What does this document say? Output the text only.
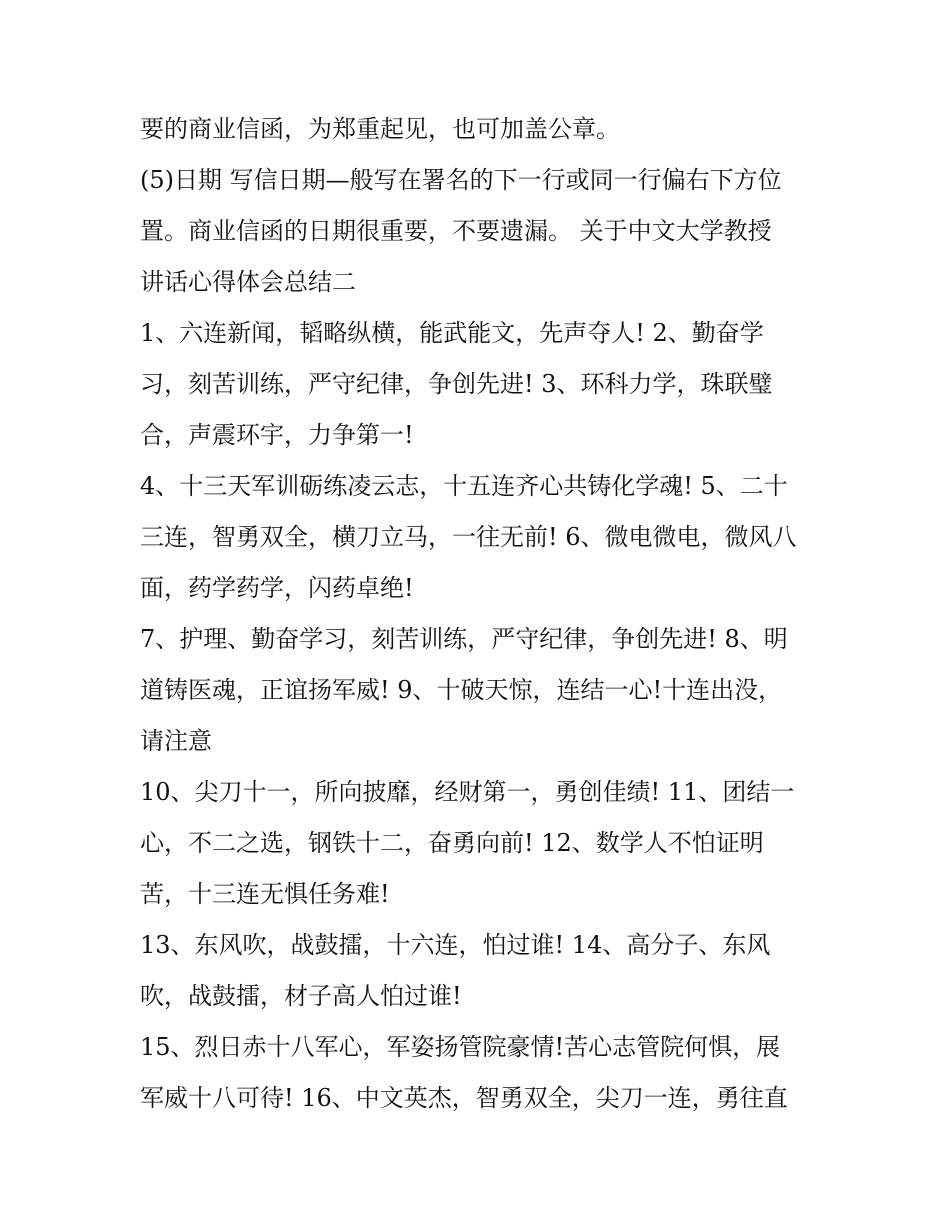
要的商业信函，为郑重起见，也可加盖公章。
(5)日期 写信日期—般写在署名的下一行或同一行偏右下方位
置。商业信函的日期很重要，不要遗漏。 关于中文大学教授
讲话心得体会总结二
1、六连新闻，韬略纵横，能武能文，先声夺人! 2、勤奋学
习，刻苦训练，严守纪律，争创先进! 3、环科力学，珠联璧
合，声震环宇，力争第一!
4、十三天军训砺练凌云志，十五连齐心共铸化学魂! 5、二十
三连，智勇双全，横刀立马，一往无前! 6、微电微电，微风八
面，药学药学，闪药卓绝!
7、护理、勤奋学习，刻苦训练，严守纪律，争创先进! 8、明
道铸医魂，正谊扬军威! 9、十破天惊，连结一心!十连出没，
请注意
10、尖刀十一，所向披靡，经财第一，勇创佳绩! 11、团结一
心，不二之选，钢铁十二，奋勇向前! 12、数学人不怕证明
苦，十三连无惧任务难!
13、东风吹，战鼓擂，十六连，怕过谁! 14、高分子、东风
吹，战鼓擂，材子高人怕过谁!
15、烈日赤十八军心，军姿扬管院豪情!苦心志管院何惧，展
军威十八可待! 16、中文英杰，智勇双全，尖刀一连，勇往直
